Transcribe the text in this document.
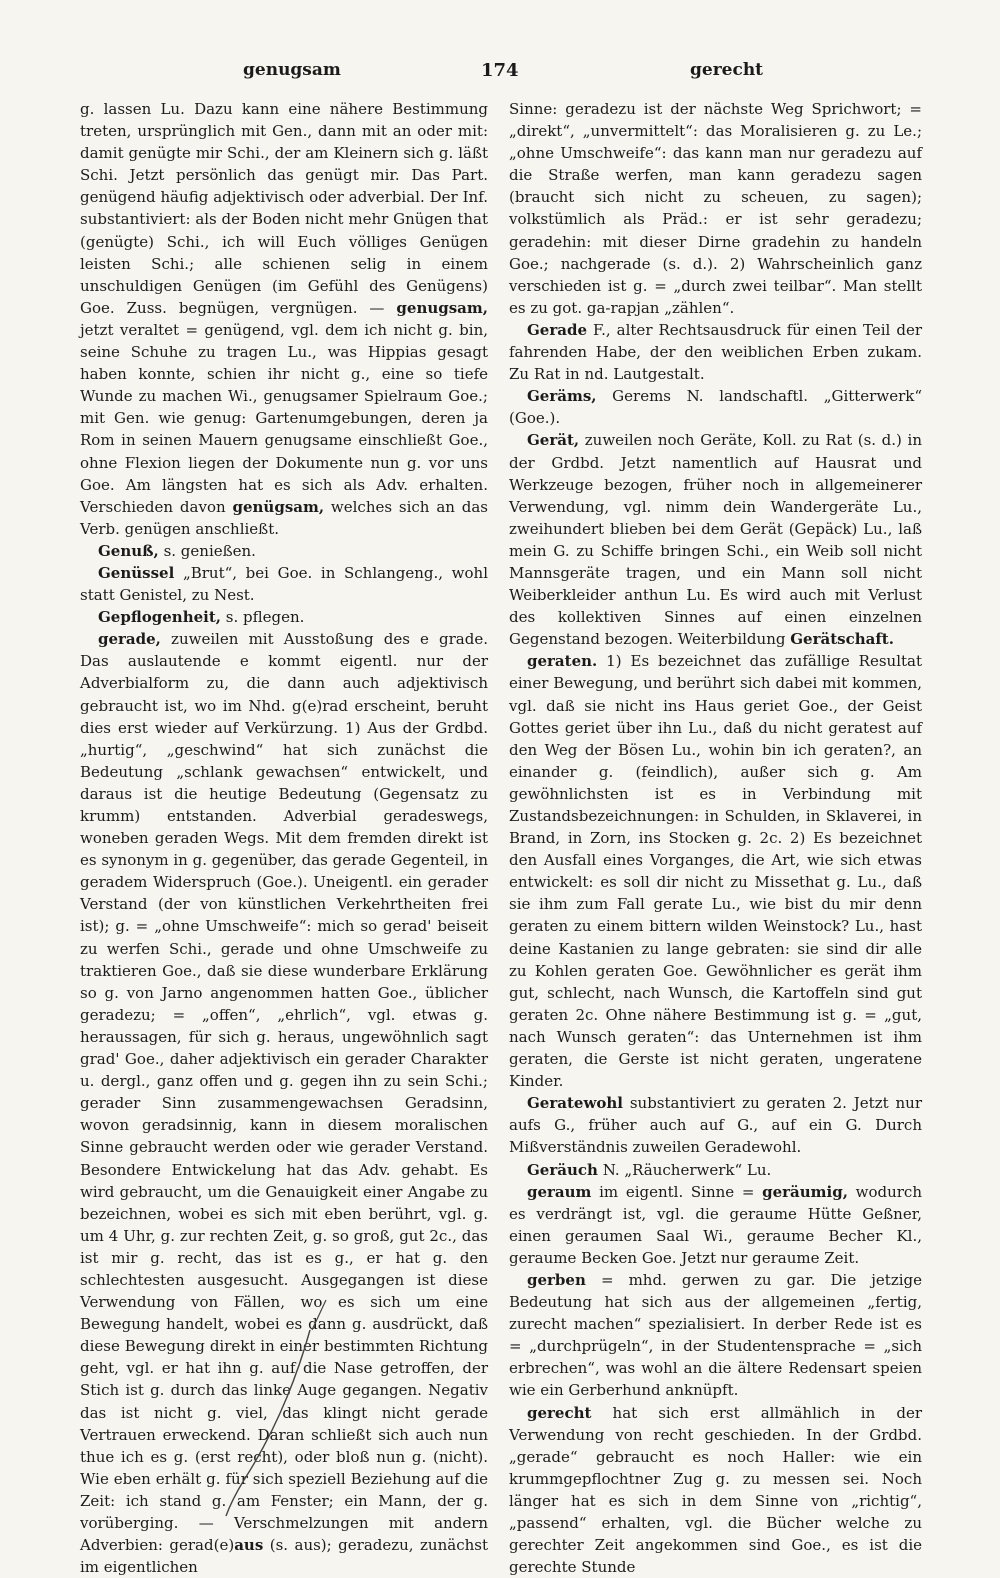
genugsam	174	gerecht

g. lassen Lu. Dazu kann eine nähere Bestimmung treten, ursprünglich mit Gen., dann mit an oder mit: damit genügte mir Schi., der am Kleinern sich g. läßt Schi. Jetzt persönlich das genügt mir. Das Part. genügend häufig adjektivisch oder adverbial. Der Inf. substantiviert: als der Boden nicht mehr Gnügen that (genügte) Schi., ich will Euch völliges Genügen leisten Schi.; alle schienen selig in einem unschuldigen Genügen (im Gefühl des Genügens) Goe. Zuss. begnügen, vergnügen. — genugsam, jetzt veraltet = genügend, vgl. dem ich nicht g. bin, seine Schuhe zu tragen Lu., was Hippias gesagt haben konnte, schien ihr nicht g., eine so tiefe Wunde zu machen Wi., genugsamer Spielraum Goe.; mit Gen. wie genug: Gartenumgebungen, deren ja Rom in seinen Mauern genugsame einschließt Goe., ohne Flexion liegen der Dokumente nun g. vor uns Goe. Am längsten hat es sich als Adv. erhalten. Verschieden davon genügsam, welches sich an das Verb. genügen anschließt.

Genuß, s. genießen.

Genüssel „Brut“, bei Goe. in Schlangeng., wohl statt Genistel, zu Nest.

Gepflogenheit, s. pflegen.

gerade, zuweilen mit Ausstoßung des e grade. Das auslautende e kommt eigentl. nur der Adverbialform zu, die dann auch adjektivisch gebraucht ist, wo im Nhd. g(e)rad erscheint, beruht dies erst wieder auf Verkürzung. 1) Aus der Grdbd. „hurtig“, „geschwind“ hat sich zunächst die Bedeutung „schlank gewachsen“ entwickelt, und daraus ist die heutige Bedeutung (Gegensatz zu krumm) entstanden. Adverbial geradeswegs, woneben geraden Wegs. Mit dem fremden direkt ist es synonym in g. gegenüber, das gerade Gegenteil, in geradem Widerspruch (Goe.). Uneigentl. ein gerader Verstand (der von künstlichen Verkehrtheiten frei ist); g. = „ohne Umschweife“: mich so gerad' beiseit zu werfen Schi., gerade und ohne Umschweife zu traktieren Goe., daß sie diese wunderbare Erklärung so g. von Jarno angenommen hatten Goe., üblicher geradezu; = „offen“, „ehrlich“, vgl. etwas g. heraussagen, für sich g. heraus, ungewöhnlich sagt grad' Goe., daher adjektivisch ein gerader Charakter u. dergl., ganz offen und g. gegen ihn zu sein Schi.; gerader Sinn zusammengewachsen Geradsinn, wovon geradsinnig, kann in diesem moralischen Sinne gebraucht werden oder wie gerader Verstand. Besondere Entwickelung hat das Adv. gehabt. Es wird gebraucht, um die Genauigkeit einer Angabe zu bezeichnen, wobei es sich mit eben berührt, vgl. g. um 4 Uhr, g. zur rechten Zeit, g. so groß, gut 2c., das ist mir g. recht, das ist es g., er hat g. den schlechtesten ausgesucht. Ausgegangen ist diese Verwendung von Fällen, wo es sich um eine Bewegung handelt, wobei es dann g. ausdrückt, daß diese Bewegung direkt in einer bestimmten Richtung geht, vgl. er hat ihn g. auf die Nase getroffen, der Stich ist g. durch das linke Auge gegangen. Negativ das ist nicht g. viel, das klingt nicht gerade Vertrauen erweckend. Daran schließt sich auch nun thue ich es g. (erst recht), oder bloß nun g. (nicht). Wie eben erhält g. für sich speziell Beziehung auf die Zeit: ich stand g. am Fenster; ein Mann, der g. vorüberging. — Verschmelzungen mit andern Adverbien: gerad(e)aus (s. aus); geradezu, zunächst im eigentlichen

Sinne: geradezu ist der nächste Weg Sprichwort; = „direkt“, „unvermittelt“: das Moralisieren g. zu Le.; „ohne Umschweife“: das kann man nur geradezu auf die Straße werfen, man kann geradezu sagen (braucht sich nicht zu scheuen, zu sagen); volkstümlich als Präd.: er ist sehr geradezu; geradehin: mit dieser Dirne gradehin zu handeln Goe.; nachgerade (s. d.). 2) Wahrscheinlich ganz verschieden ist g. = „durch zwei teilbar“. Man stellt es zu got. ga-rapjan „zählen“.

Gerade F., alter Rechtsausdruck für einen Teil der fahrenden Habe, der den weiblichen Erben zukam. Zu Rat in nd. Lautgestalt.

Geräms, Gerems N. landschaftl. „Gitterwerk“ (Goe.).

Gerät, zuweilen noch Geräte, Koll. zu Rat (s. d.) in der Grdbd. Jetzt namentlich auf Hausrat und Werkzeuge bezogen, früher noch in allgemeinerer Verwendung, vgl. nimm dein Wandergeräte Lu., zweihundert blieben bei dem Gerät (Gepäck) Lu., laß mein G. zu Schiffe bringen Schi., ein Weib soll nicht Mannsgeräte tragen, und ein Mann soll nicht Weiberkleider anthun Lu. Es wird auch mit Verlust des kollektiven Sinnes auf einen einzelnen Gegenstand bezogen. Weiterbildung Gerätschaft.

geraten. 1) Es bezeichnet das zufällige Resultat einer Bewegung, und berührt sich dabei mit kommen, vgl. daß sie nicht ins Haus geriet Goe., der Geist Gottes geriet über ihn Lu., daß du nicht geratest auf den Weg der Bösen Lu., wohin bin ich geraten?, an einander g. (feindlich), außer sich g. Am gewöhnlichsten ist es in Verbindung mit Zustandsbezeichnungen: in Schulden, in Sklaverei, in Brand, in Zorn, ins Stocken g. 2c. 2) Es bezeichnet den Ausfall eines Vorganges, die Art, wie sich etwas entwickelt: es soll dir nicht zu Missethat g. Lu., daß sie ihm zum Fall gerate Lu., wie bist du mir denn geraten zu einem bittern wilden Weinstock? Lu., hast deine Kastanien zu lange gebraten: sie sind dir alle zu Kohlen geraten Goe. Gewöhnlicher es gerät ihm gut, schlecht, nach Wunsch, die Kartoffeln sind gut geraten 2c. Ohne nähere Bestimmung ist g. = „gut, nach Wunsch geraten“: das Unternehmen ist ihm geraten, die Gerste ist nicht geraten, ungeratene Kinder.

Geratewohl substantiviert zu geraten 2. Jetzt nur aufs G., früher auch auf G., auf ein G. Durch Mißverständnis zuweilen Geradewohl.

Geräuch N. „Räucherwerk“ Lu.

geraum im eigentl. Sinne = geräumig, wodurch es verdrängt ist, vgl. die geraume Hütte Geßner, einen geraumen Saal Wi., geraume Becher Kl., geraume Becken Goe. Jetzt nur geraume Zeit.

gerben = mhd. gerwen zu gar. Die jetzige Bedeutung hat sich aus der allgemeinen „fertig, zurecht machen“ spezialisiert. In derber Rede ist es = „durchprügeln“, in der Studentensprache = „sich erbrechen“, was wohl an die ältere Redensart speien wie ein Gerberhund anknüpft.

gerecht hat sich erst allmählich in der Verwendung von recht geschieden. In der Grdbd. „gerade“ gebraucht es noch Haller: wie ein krummgepflochtner Zug g. zu messen sei. Noch länger hat es sich in dem Sinne von „richtig“, „passend“ erhalten, vgl. die Bücher welche zu gerechter Zeit angekommen sind Goe., es ist die gerechte Stunde
